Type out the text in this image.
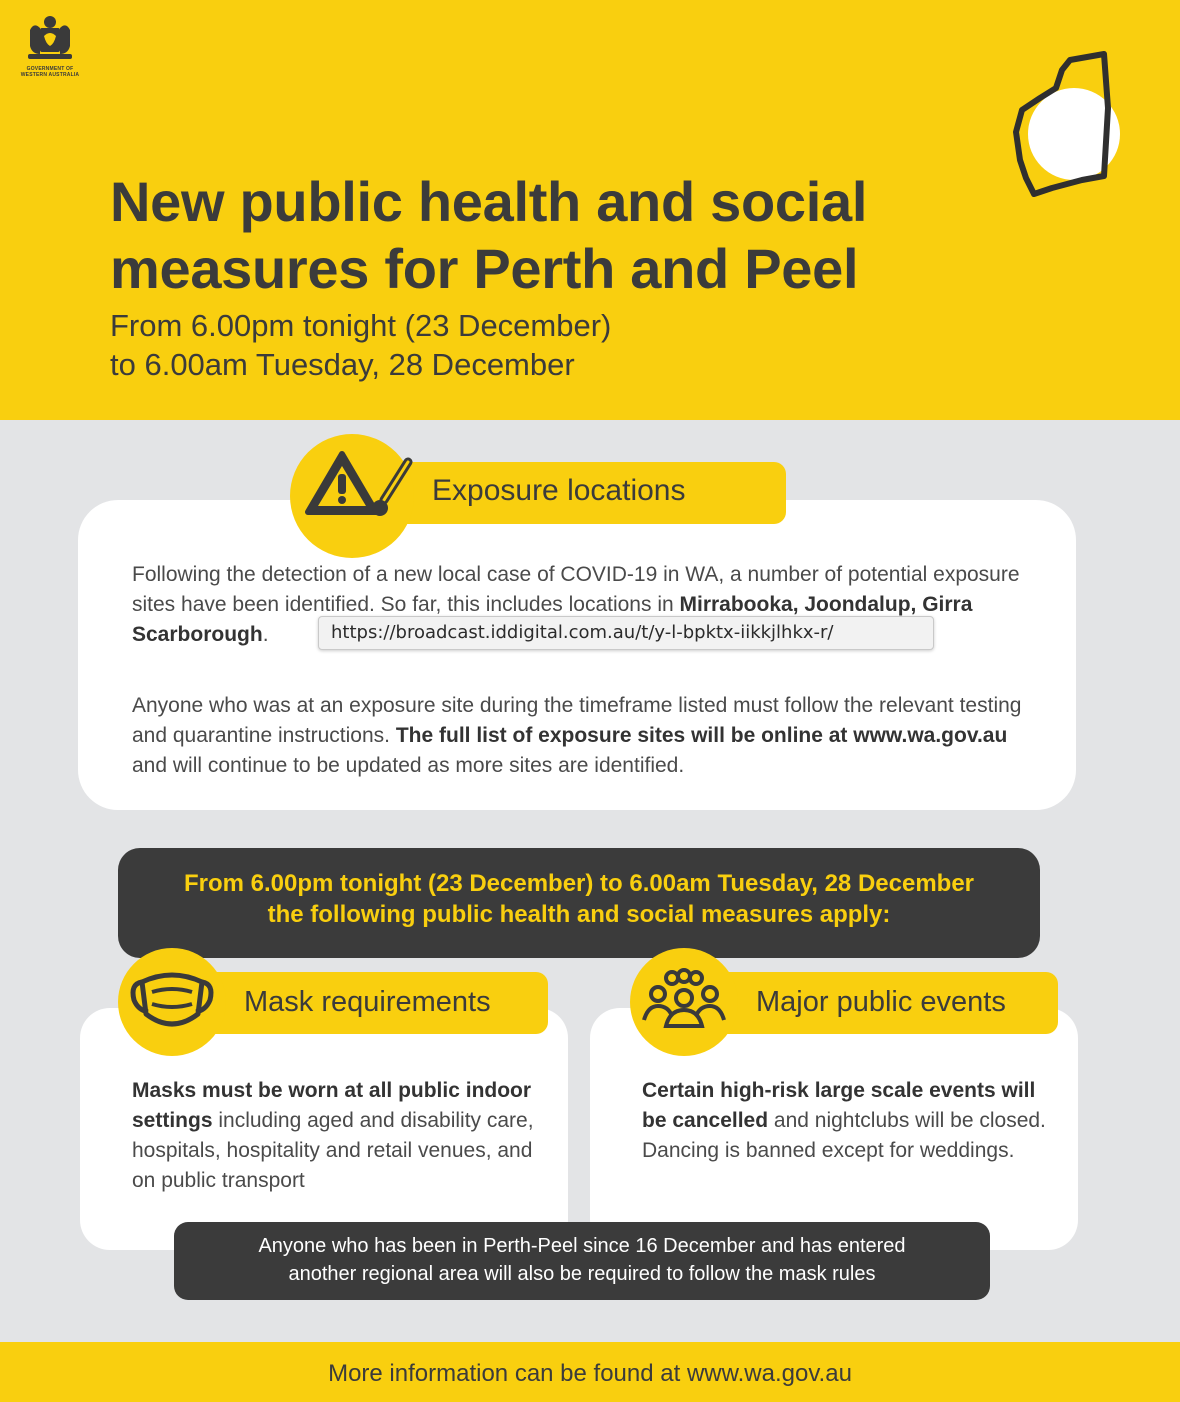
GOVERNMENT OF WESTERN AUSTRALIA
New public health and social
measures for Perth and Peel
From 6.00pm tonight (23 December)
to 6.00am Tuesday, 28 December
Exposure locations
Following the detection of a new local case of COVID-19 in WA, a number of potential exposure sites have been identified. So far, this includes locations in Mirrabooka, Joondalup, Girra
Scarborough.
Anyone who was at an exposure site during the timeframe listed must follow the relevant testing and quarantine instructions. The full list of exposure sites will be online at www.wa.gov.au and will continue to be updated as more sites are identified.
https://broadcast.iddigital.com.au/t/y-l-bpktx-iikkjlhkx-r/
From 6.00pm tonight (23 December) to 6.00am Tuesday, 28 December
the following public health and social measures apply:
Mask requirements
Masks must be worn at all public indoor settings including aged and disability care, hospitals, hospitality and retail venues, and on public transport
Major public events
Certain high-risk large scale events will be cancelled and nightclubs will be closed. Dancing is banned except for weddings.
Anyone who has been in Perth-Peel since 16 December and has entered
another regional area will also be required to follow the mask rules
More information can be found at www.wa.gov.au
